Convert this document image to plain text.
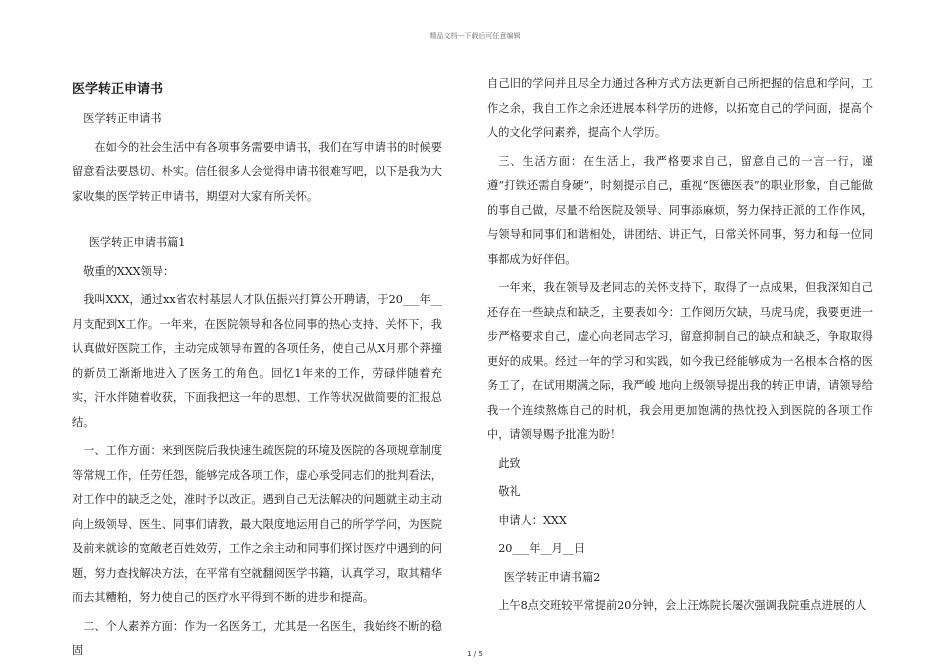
精品文档---下载后可任意编辑
医学转正申请书

医学转正申请书

在如今的社会生活中有各项事务需要申请书，我们在写申请书的时候要留意看法要恳切、朴实。信任很多人会觉得申请书很难写吧，以下是我为大家收集的医学转正申请书，期望对大家有所关怀。

医学转正申请书篇1

敬重的XXX领导：

我叫XXX，通过xx省农村基层人才队伍振兴打算公开聘请，于20___年__月支配到X工作。一年来，在医院领导和各位同事的热心支持、关怀下，我认真做好医院工作，主动完成领导布置的各项任务，使自己从X月那个莽撞的新员工渐渐地进入了医务工的角色。回忆1年来的工作，劳碌伴随着充实，汗水伴随着收获，下面我把这一年的思想、工作等状况做简要的汇报总结。

一、工作方面：来到医院后我快速生疏医院的环境及医院的各项规章制度等常规工作，任劳任怨，能够完成各项工作，虚心承受同志们的批判看法，对工作中的缺乏之处，准时予以改正。遇到自己无法解决的问题就主动主动向上级领导、医生、同事们请教，最大限度地运用自己的所学学问，为医院及前来就诊的宽敞老百姓效劳，工作之余主动和同事们探讨医疗中遇到的问题，努力查找解决方法，在平常有空就翻阅医学书籍，认真学习，取其精华而去其糟粕，努力使自己的医疗水平得到不断的进步和提高。

二、个人素养方面：作为一名医务工，尤其是一名医生，我始终不断的稳固

自己旧的学问并且尽全力通过各种方式方法更新自己所把握的信息和学问，工作之余，我自工作之余还进展本科学历的进修，以拓宽自己的学问面，提高个人的文化学问素养，提高个人学历。

三、生活方面：在生活上，我严格要求自己，留意自己的一言一行，谨遵“打铁还需自身硬”，时刻提示自己，重视“医德医表”的职业形象，自己能做的事自己做，尽量不给医院及领导、同事添麻烦，努力保持正派的工作作风，与领导和同事们和谐相处，讲团结、讲正气，日常关怀同事，努力和每一位同事都成为好伴侣。

一年来，我在领导及老同志的关怀支持下，取得了一点成果，但我深知自己还存在一些缺点和缺乏，主要表如今：工作阅历欠缺，马虎马虎，我要更进一步严格要求自己，虚心向老同志学习，留意抑制自己的缺点和缺乏，争取取得更好的成果。经过一年的学习和实践，如今我已经能够成为一名根本合格的医务工了，在试用期满之际，我严峻 地向上级领导提出我的转正申请，请领导给我一个连续熬炼自己的时机，我会用更加饱满的热忱投入到医院的各项工作中，请领导赐予批准为盼！

此致

敬礼

申请人：XXX

20___年__月__日

医学转正申请书篇2

上午8点交班较平常提前20分钟，会上汪炼院长屡次强调我院重点进展的人

1 / 5
